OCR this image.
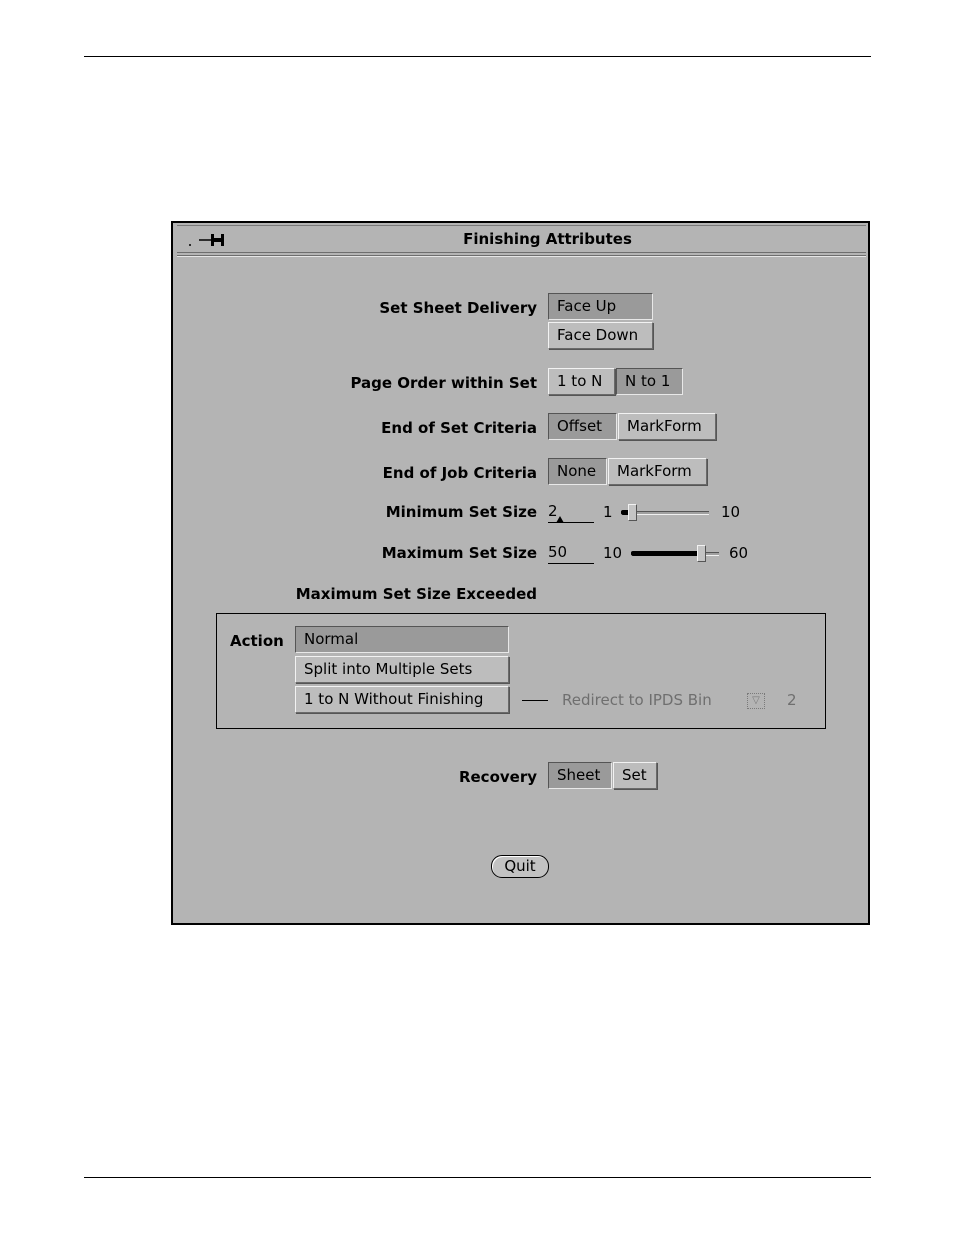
Finishing Attributes
Set Sheet Delivery	Face Up
Face Down
Page Order within Set	1 to N	N to 1
End of Set Criteria	Offset	MarkForm
End of Job Criteria	None	MarkForm
Minimum Set Size 2	1	10
Maximum Set Size 50	10	60
Maximum Set Size Exceeded
Action	Normal
Split into Multiple Sets
1 to N Without Finishing	Redirect to IPDS Bin	▽	2
Recovery	Sheet	Set
Quit
